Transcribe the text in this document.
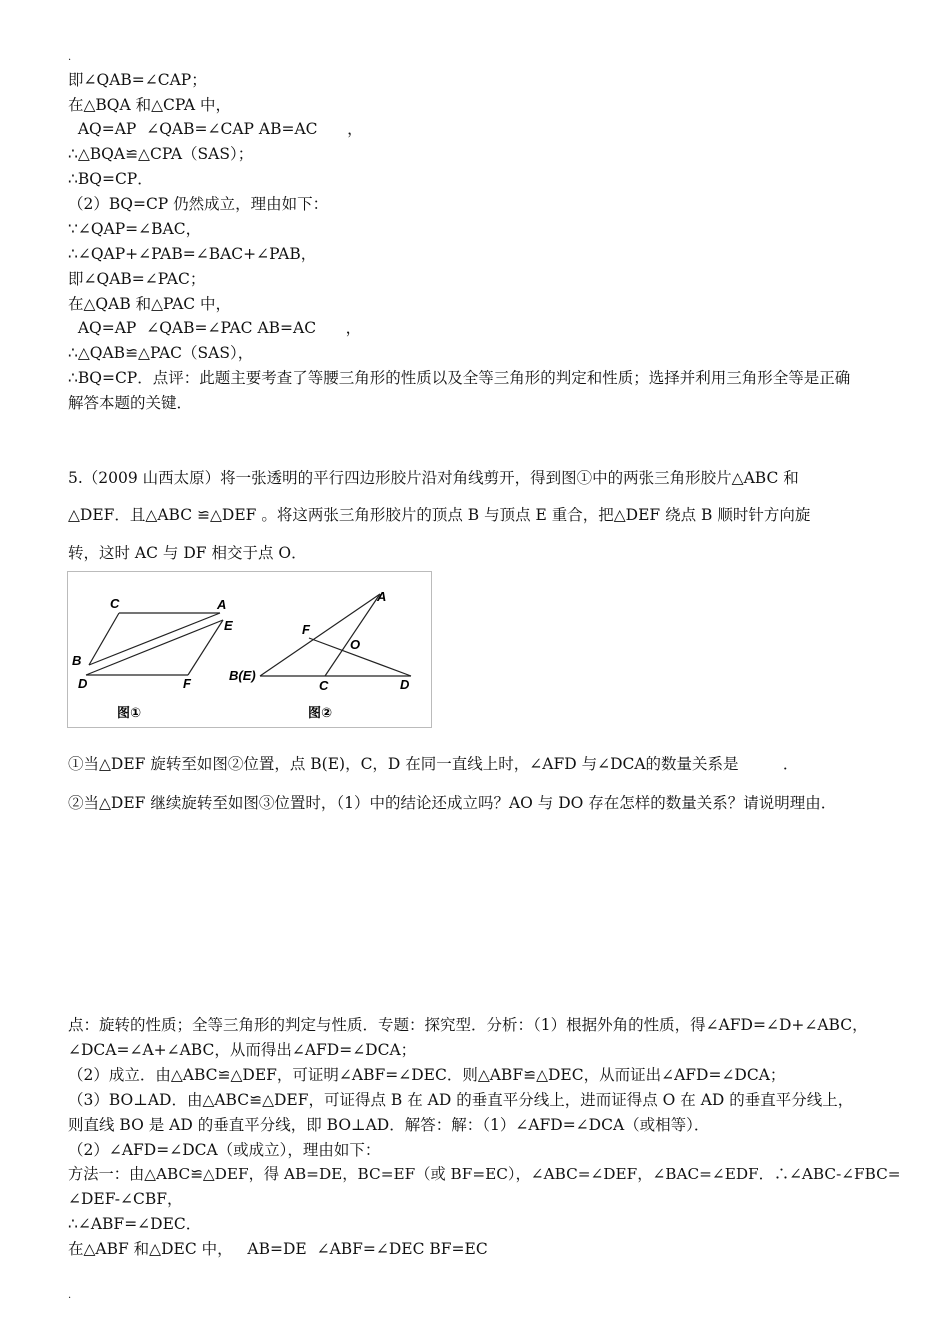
.
即∠QAB=∠CAP；
在△BQA 和△CPA 中，
AQ=AP  ∠QAB=∠CAP AB=AC      ，
∴△BQA≌△CPA（SAS）；
∴BQ=CP．
（2）BQ=CP 仍然成立，理由如下：
∵∠QAP=∠BAC，
∴∠QAP+∠PAB=∠BAC+∠PAB，
即∠QAB=∠PAC；
在△QAB 和△PAC 中，
AQ=AP  ∠QAB=∠PAC AB=AC      ，
∴△QAB≌△PAC（SAS），
∴BQ=CP．点评：此题主要考查了等腰三角形的性质以及全等三角形的判定和性质；选择并利用三角形全等是正确
解答本题的关键．
5.（2009 山西太原）将一张透明的平行四边形胶片沿对角线剪开，得到图①中的两张三角形胶片△ABC 和
△DEF．且△ABC ≌△DEF 。将这两张三角形胶片的顶点 B 与顶点 E 重合，把△DEF 绕点 B 顺时针方向旋
转，这时 AC 与 DF 相交于点 O．
C	A
E
B
D	F
A
F
O
B(E)
C	D
图①	图②
①当△DEF 旋转至如图②位置，点 B(E)，C，D 在同一直线上时，∠AFD 与∠DCA的数量关系是         ．
②当△DEF 继续旋转至如图③位置时，（1）中的结论还成立吗？AO 与 DO 存在怎样的数量关系？请说明理由．
点：旋转的性质；全等三角形的判定与性质．专题：探究型．分析：（1）根据外角的性质，得∠AFD=∠D+∠ABC，
∠DCA=∠A+∠ABC，从而得出∠AFD=∠DCA；
（2）成立．由△ABC≌△DEF，可证明∠ABF=∠DEC．则△ABF≌△DEC，从而证出∠AFD=∠DCA；
（3）BO⊥AD．由△ABC≌△DEF，可证得点 B 在 AD 的垂直平分线上，进而证得点 O 在 AD 的垂直平分线上，
则直线 BO 是 AD 的垂直平分线，即 BO⊥AD．解答：解：（1）∠AFD=∠DCA（或相等）．
（2）∠AFD=∠DCA（或成立），理由如下：
方法一：由△ABC≌△DEF，得 AB=DE，BC=EF（或 BF=EC），∠ABC=∠DEF，∠BAC=∠EDF．∴∠ABC-∠FBC=
∠DEF-∠CBF，
∴∠ABF=∠DEC．
在△ABF 和△DEC 中，   AB=DE  ∠ABF=∠DEC BF=EC
.
